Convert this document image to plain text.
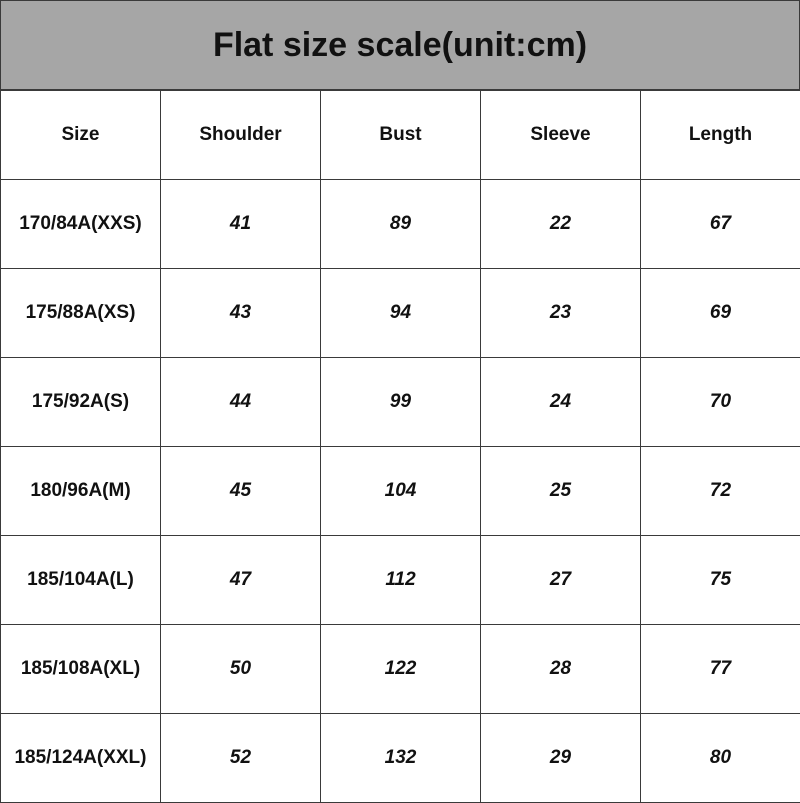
Flat size scale(unit:cm)
Size	Shoulder	Bust	Sleeve	Length
170/84A(XXS)	41	89	22	67
175/88A(XS)	43	94	23	69
175/92A(S)	44	99	24	70
180/96A(M)	45	104	25	72
185/104A(L)	47	112	27	75
185/108A(XL)	50	122	28	77
185/124A(XXL)	52	132	29	80
